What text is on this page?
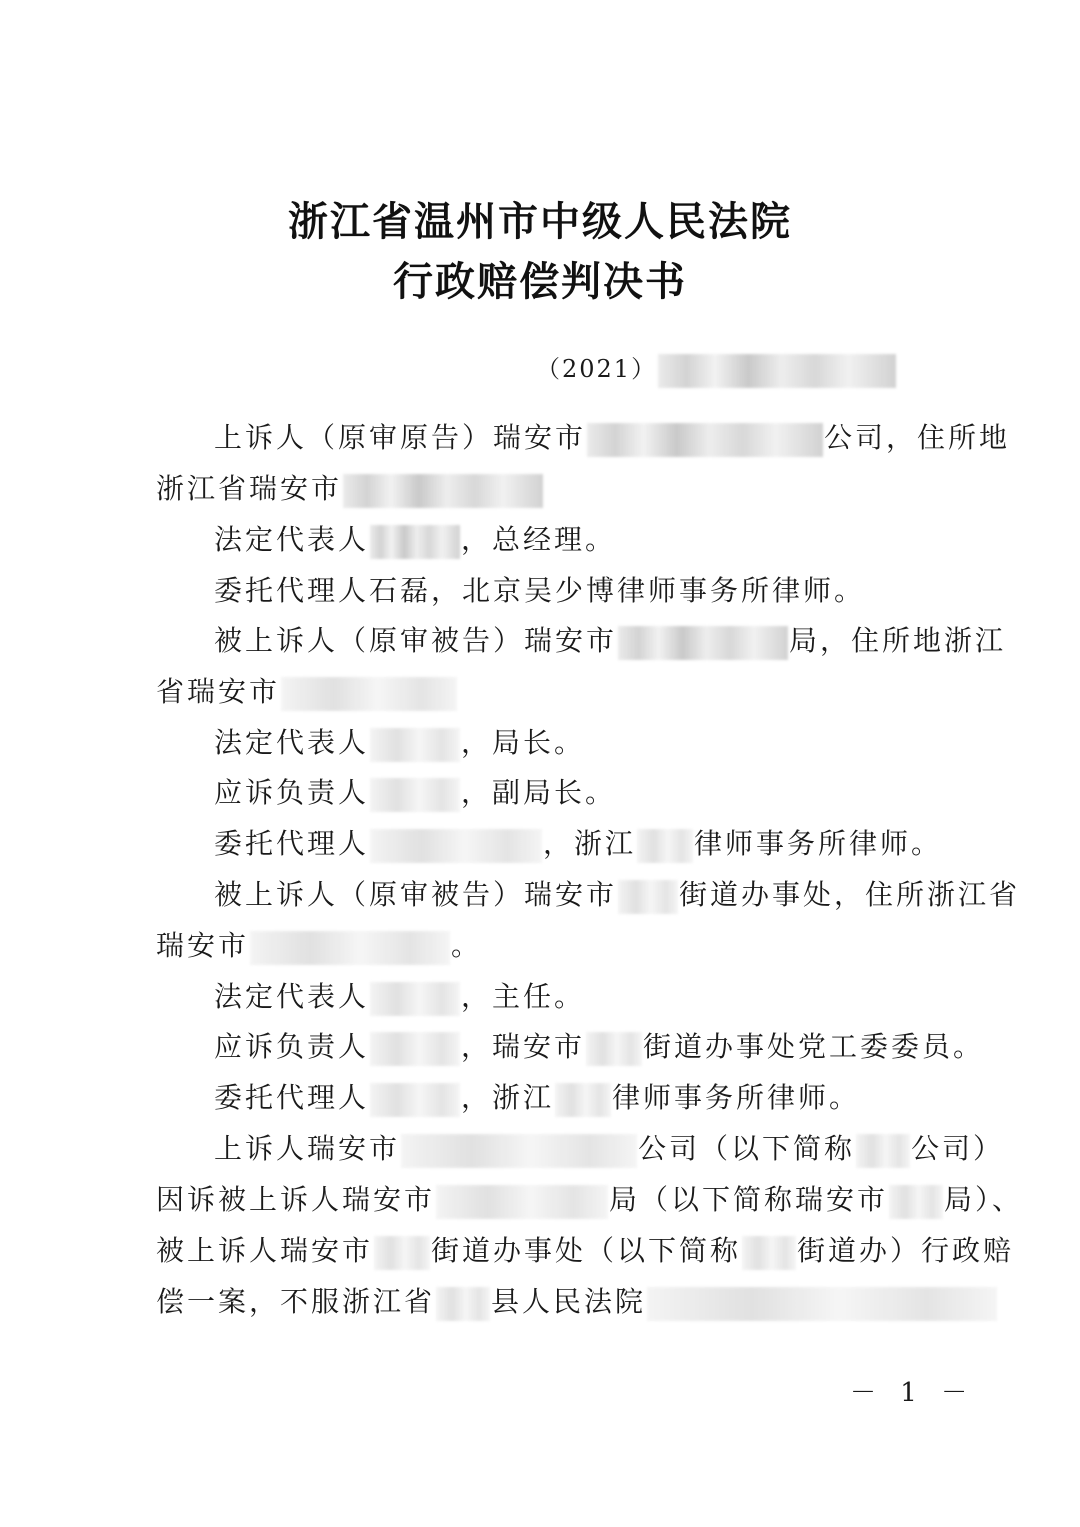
浙江省温州市中级人民法院
行政赔偿判决书
（2021）
上诉人（原审原告）瑞安市	公司，住所地
浙江省瑞安市
法定代表人	，总经理。
委托代理人石磊，北京吴少博律师事务所律师。
被上诉人（原审被告）瑞安市	局，住所地浙江
省瑞安市
法定代表人	，局长。
应诉负责人	，副局长。
委托代理人	，浙江 律师事务所律师。
被上诉人（原审被告）瑞安市 街道办事处，住所浙江省
瑞安市	。
法定代表人	，主任。
应诉负责人	，瑞安市 街道办事处党工委委员。
委托代理人	，浙江 律师事务所律师。
上诉人瑞安市	公司（以下简称 公司）
因诉被上诉人瑞安市	局（以下简称瑞安市 局）、
被上诉人瑞安市 街道办事处（以下简称 街道办）行政赔
偿一案，不服浙江省 县人民法院
－ 1 －
